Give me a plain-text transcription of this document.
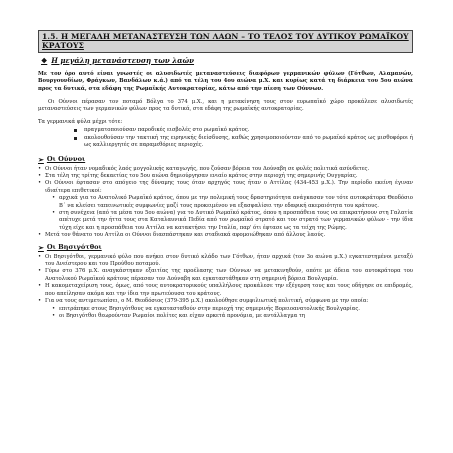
1.5. Η ΜΕΓΑΛΗ ΜΕΤΑΝΑΣΤΕΥΣΗ ΤΩΝ ΛΑΩΝ – ΤΟ ΤΕΛΟΣ ΤΟΥ ΔΥΤΙΚΟΥ ΡΩΜΑΪΚΟΥ ΚΡΑΤΟΥΣ
❖ Η μεγάλη μετανάστευση των λαών
Με τον όρο αυτό είναι γνωστές οι αλυσιδωτές μεταναστεύσεις διαφόρων γερμανικών φύλων (Γότθων, Αλαμανών, Βουργουνδίων, Φράγκων, Βανδάλων κ.ά.) από τα τέλη του 4ου αιώνα μ.Χ. και κυρίως κατά τη διάρκεια του 5ου αιώνα προς τα δυτικά, στα εδάφη της Ρωμαϊκής Αυτοκρατορίας, κάτω από την πίεση των Ούννων.
Οι Ούννοι πέρασαν τον ποταμό Βόλγα το 374 μ.Χ., και η μετακίνηση τους στον ευρωπαϊκό χώρο προκάλεσε αλυσιδωτές μεταναστεύσεις των γερμανικών φύλων προς τα δυτικά, στα εδάφη της ρωμαϊκής αυτοκρατορίας.
Τα γερμανικά φύλα μέχρι τότε:
πραγματοποιούσαν παροδικές εισβολές στο ρωμαϊκό κράτος.
ακολουθούσαν την τακτική της ειρηνικής διείσδυσης, καθώς χρησιμοποιούνταν από το ρωμαϊκό κράτος ως μισθοφόροι ή ως καλλιεργητές σε παραμεθόριες περιοχές.
➢ Οι Ούννοι
• Οι Ούννοι ήταν νομαδικός λαός μογγολικής καταγωγής, που ζούσαν βόρεια του Δούναβη σε φυλές πολιτικά ασύνδετες.
• Στα τέλη της τρίτης δεκαετίας του 5ου αιώνα δημιούργησαν ενιαίο κράτος στην περιοχή της σημερινής Ουγγαρίας.
• Οι Ούννοι έφτασαν στο απόγειο της δύναμης τους όταν αρχηγός τους ήταν ο Αττίλας (434-453 μ.Χ.). Την περίοδο εκείνη έγιναν ιδιαίτερα επιθετικοί:
• αρχικά για το Ανατολικό Ρωμαϊκό κράτος, όπου με την πολεμική τους δραστηριότητα ανάγκασαν τον τότε αυτοκράτορα Θεοδόσιο Β΄ να κλείσει ταπεινωτικές συμφωνίες μαζί τους προκειμένου να εξασφαλίσει την εδαφική ακεραιότητα του κράτους.
• στη συνέχεια (από τα μέσα του 5ου αιώνα) για το Δυτικό Ρωμαϊκό κράτος, όπου η προσπάθεια τους να επικρατήσουν στη Γαλατία απέτυχε μετά την ήττα τους στα Καταλαυνικά Πεδία από τον ρωμαϊκό στρατό και τον στρατό των γερμανικών φύλων - την ίδια τύχη είχε και η προσπάθεια του Αττίλα να κατακτήσει την Ιταλία, παρ' ότι έφτασε ως τα τείχη της Ρώμης.
• Μετά τον θάνατο του Αττίλα οι Ούννοι διασπάστηκαν και σταδιακά αφομοιώθηκαν από άλλους λαούς.
➢ Οι Βησιγότθοι
• Οι Βησιγότθοι, γερμανικό φύλο που ανήκει στον δυτικό κλάδο των Γότθων, ήταν αρχικά (τον 3ο αιώνα μ.Χ.) εγκατεστημένοι μεταξύ του Δνείστερου και του Προύθου ποταμού.
• Γύρω στο 376 μ.Χ. αναγκάστηκαν εξαιτίας της προέλασης των Ούννων να μετακινηθούν, οπότε με άδεια του αυτοκράτορα του Ανατολικού Ρωμαϊκού κράτους πέρασαν τον Δούναβη και εγκαταστάθηκαν στη σημερινή βόρεια Βουλγαρία.
• Η κακομεταχείριση τους, όμως, από τους αυτοκρατορικούς υπαλλήλους προκάλεσε την εξέγερση τους και τους οδήγησε σε επιδρομές, που απείλησαν ακόμα και την ίδια την πρωτεύουσα του κράτους.
• Για να τους αντιμετωπίσει, ο Μ. Θεοδόσιος (379-395 μ.Χ.) ακολούθησε συμφιλιωτική πολιτική, σύμφωνα με την οποία:
• επιτράπηκε στους Βησιγότθους να εγκατασταθούν στην περιοχή της σημερινής Βορειοανατολικής Βουλγαρίας.
• οι Βησιγότθοι θεωρούνταν Ρωμαίοι πολίτες και είχαν αρκετά προνόμια, με αντάλλαγμα τη
